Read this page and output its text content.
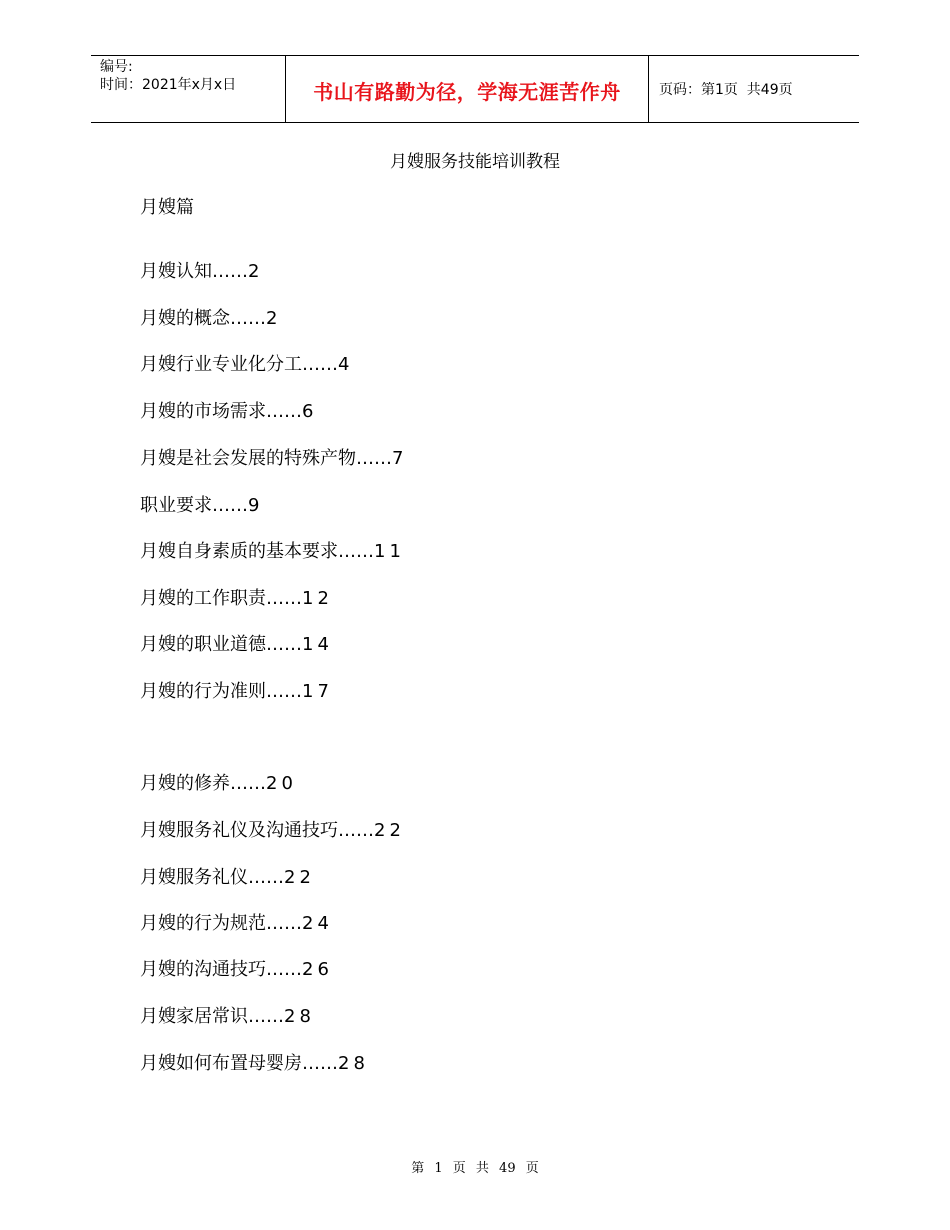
编号:
时间：2021年x月x日	书山有路勤为径，学海无涯苦作舟	页码：第1页  共49页
月嫂服务技能培训教程
月嫂篇
月嫂认知……2
月嫂的概念……2
月嫂行业专业化分工……4
月嫂的市场需求……6
月嫂是社会发展的特殊产物……7
职业要求……9
月嫂自身素质的基本要求……11
月嫂的工作职责……12
月嫂的职业道德……14
月嫂的行为准则……17
月嫂的修养……20
月嫂服务礼仪及沟通技巧……22
月嫂服务礼仪……22
月嫂的行为规范……24
月嫂的沟通技巧……26
月嫂家居常识……28
月嫂如何布置母婴房……28
第 1 页 共 49 页
